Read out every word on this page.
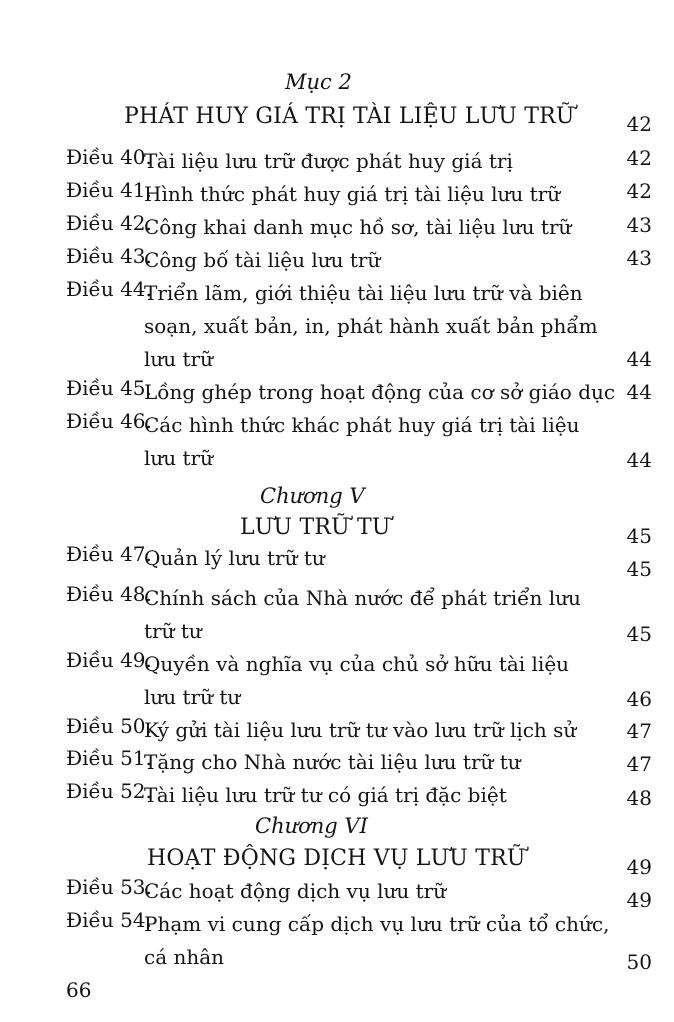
Mục 2
PHÁT HUY GIÁ TRỊ TÀI LIỆU LƯU TRỮ	42
Điều 40.
Tài liệu lưu trữ được phát huy giá trị	42
Điều 41.
Hình thức phát huy giá trị tài liệu lưu trữ	42
Điều 42.
Công khai danh mục hồ sơ, tài liệu lưu trữ	43
Điều 43.
Công bố tài liệu lưu trữ	43
Điều 44.
Triển lãm, giới thiệu tài liệu lưu trữ và biên
soạn, xuất bản, in, phát hành xuất bản phẩm
lưu trữ	44
Điều 45.
Lồng ghép trong hoạt động của cơ sở giáo dục 44
Điều 46.
Các hình thức khác phát huy giá trị tài liệu
lưu trữ	44
Chương V
LƯU TRỮ TƯ	45
Điều 47.
Quản lý lưu trữ tư	45
Điều 48.
Chính sách của Nhà nước để phát triển lưu
trữ tư	45
Điều 49.
Quyền và nghĩa vụ của chủ sở hữu tài liệu
lưu trữ tư	46
Điều 50.
Ký gửi tài liệu lưu trữ tư vào lưu trữ lịch sử	47
Điều 51.
Tặng cho Nhà nước tài liệu lưu trữ tư	47
Điều 52.
Tài liệu lưu trữ tư có giá trị đặc biệt	48
Chương VI
HOẠT ĐỘNG DỊCH VỤ LƯU TRỮ	49
Điều 53.
Các hoạt động dịch vụ lưu trữ	49
Điều 54.
Phạm vi cung cấp dịch vụ lưu trữ của tổ chức,
cá nhân	50
66
